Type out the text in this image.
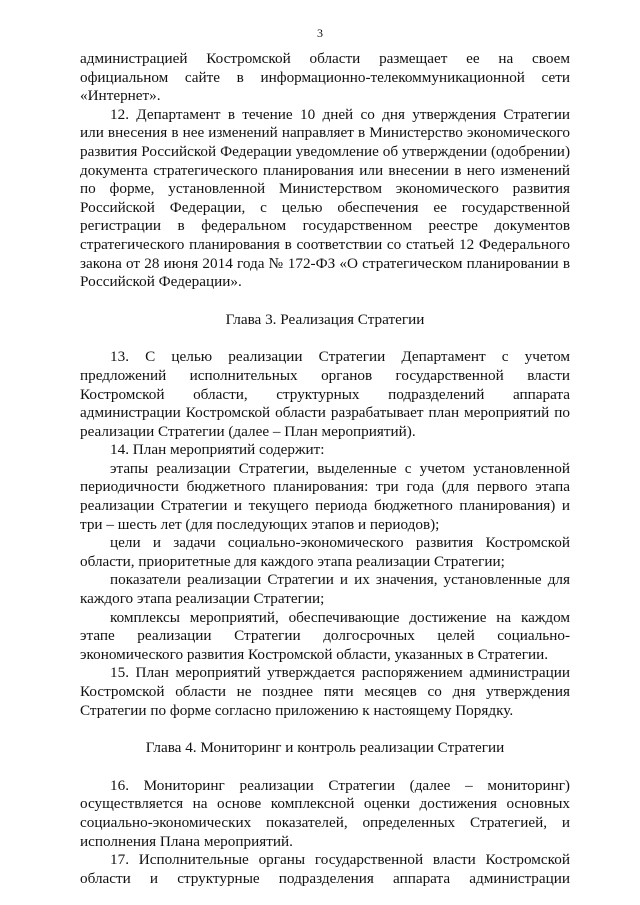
3
администрацией Костромской области размещает ее на своем
официальном сайте в информационно-телекоммуникационной сети
«Интернет».
12. Департамент в течение 10 дней со дня утверждения Стратегии
или внесения в нее изменений направляет в Министерство экономического
развития Российской Федерации уведомление об утверждении (одобрении)
документа стратегического планирования или внесении в него изменений
по форме, установленной Министерством экономического развития
Российской Федерации, с целью обеспечения ее государственной
регистрации в федеральном государственном реестре документов
стратегического планирования в соответствии со статьей 12 Федерального
закона от 28 июня 2014 года № 172-ФЗ «О стратегическом планировании в
Российской Федерации».
Глава 3. Реализация Стратегии
13. С целью реализации Стратегии Департамент с учетом
предложений исполнительных органов государственной власти
Костромской области, структурных подразделений аппарата
администрации Костромской области разрабатывает план мероприятий по
реализации Стратегии (далее – План мероприятий).
14. План мероприятий содержит:
этапы реализации Стратегии, выделенные с учетом установленной
периодичности бюджетного планирования: три года (для первого этапа
реализации Стратегии и текущего периода бюджетного планирования) и
три – шесть лет (для последующих этапов и периодов);
цели и задачи социально-экономического развития Костромской
области, приоритетные для каждого этапа реализации Стратегии;
показатели реализации Стратегии и их значения, установленные для
каждого этапа реализации Стратегии;
комплексы мероприятий, обеспечивающие достижение на каждом
этапе реализации Стратегии долгосрочных целей социально-
экономического развития Костромской области, указанных в Стратегии.
15. План мероприятий утверждается распоряжением администрации
Костромской области не позднее пяти месяцев со дня утверждения
Стратегии по форме согласно приложению к настоящему Порядку.
Глава 4. Мониторинг и контроль реализации Стратегии
16. Мониторинг реализации Стратегии (далее – мониторинг)
осуществляется на основе комплексной оценки достижения основных
социально-экономических показателей, определенных Стратегией, и
исполнения Плана мероприятий.
17. Исполнительные органы государственной власти Костромской
области и структурные подразделения аппарата администрации
